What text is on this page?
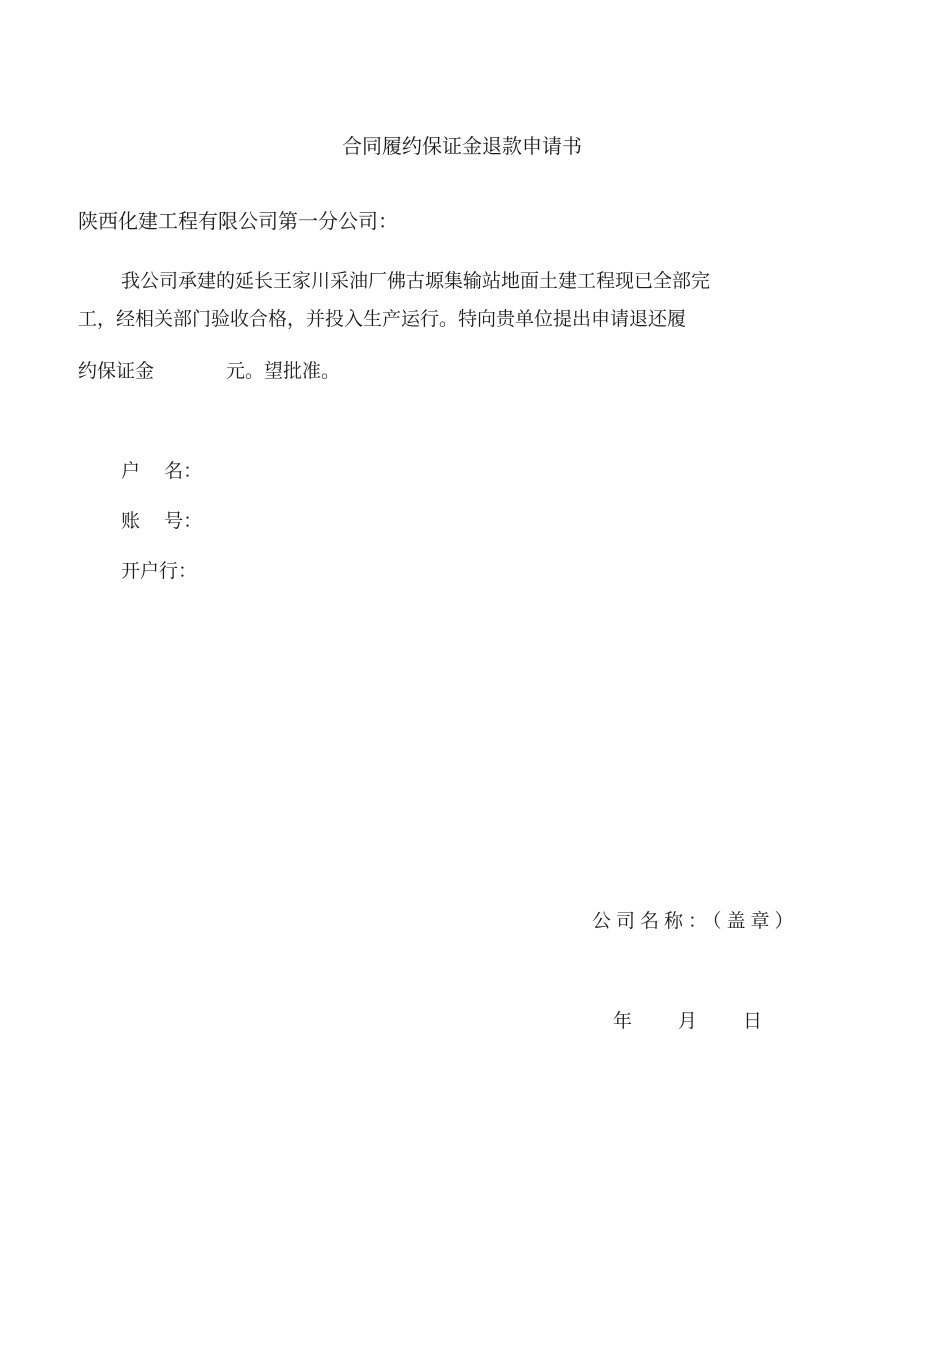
合同履约保证金退款申请书
陕西化建工程有限公司第一分公司：
我公司承建的延长王家川采油厂佛古塬集输站地面土建工程现已全部完
工，经相关部门验收合格，并投入生产运行。特向贵单位提出申请退还履
约保证金	元。望批准。
户    名：
账    号：
开户行：
公司名称：（盖章）
年 月 日
